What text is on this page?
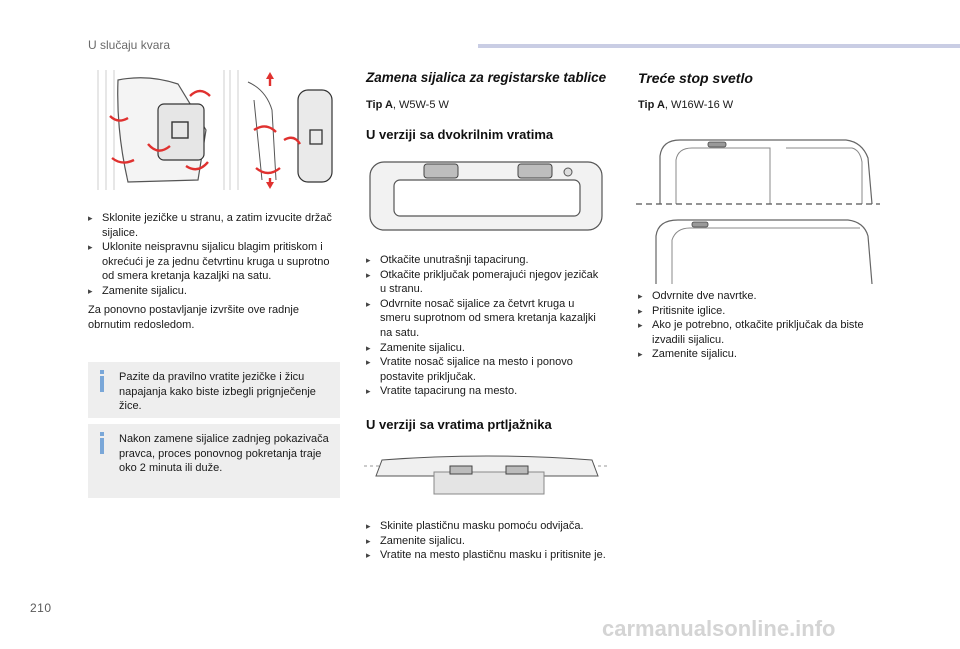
U slučaju kvara
▸ Sklonite jezičke u stranu, a zatim izvucite držač sijalice.
▸ Uklonite neispravnu sijalicu blagim pritiskom i okrećući je za jednu četvrtinu kruga u suprotno od smera kretanja kazaljki na satu.
▸ Zamenite sijalicu.
Za ponovno postavljanje izvršite ove radnje obrnutim redosledom.
Pazite da pravilno vratite jezičke i žicu napajanja kako biste izbegli prignječenje žice.
Nakon zamene sijalice zadnjeg pokazivača pravca, proces ponovnog pokretanja traje oko 2 minuta ili duže.
Zamena sijalica za registarske tablice
Tip A, W5W-5 W
U verziji sa dvokrilnim vratima
▸ Otkačite unutrašnji tapacirung.
▸ Otkačite priključak pomerajući njegov jezičak u stranu.
▸ Odvrnite nosač sijalice za četvrt kruga u smeru suprotnom od smera kretanja kazaljki na satu.
▸ Zamenite sijalicu.
▸ Vratite nosač sijalice na mesto i ponovo postavite priključak.
▸ Vratite tapacirung na mesto.
U verziji sa vratima prtljažnika
▸ Skinite plastičnu masku pomoću odvijača.
▸ Zamenite sijalicu.
▸ Vratite na mesto plastičnu masku i pritisnite je.
Treće stop svetlo
Tip A, W16W-16 W
▸ Odvrnite dve navrtke.
▸ Pritisnite iglice.
▸ Ako je potrebno, otkačite priključak da biste izvadili sijalicu.
▸ Zamenite sijalicu.
210
carmanualsonline.info
